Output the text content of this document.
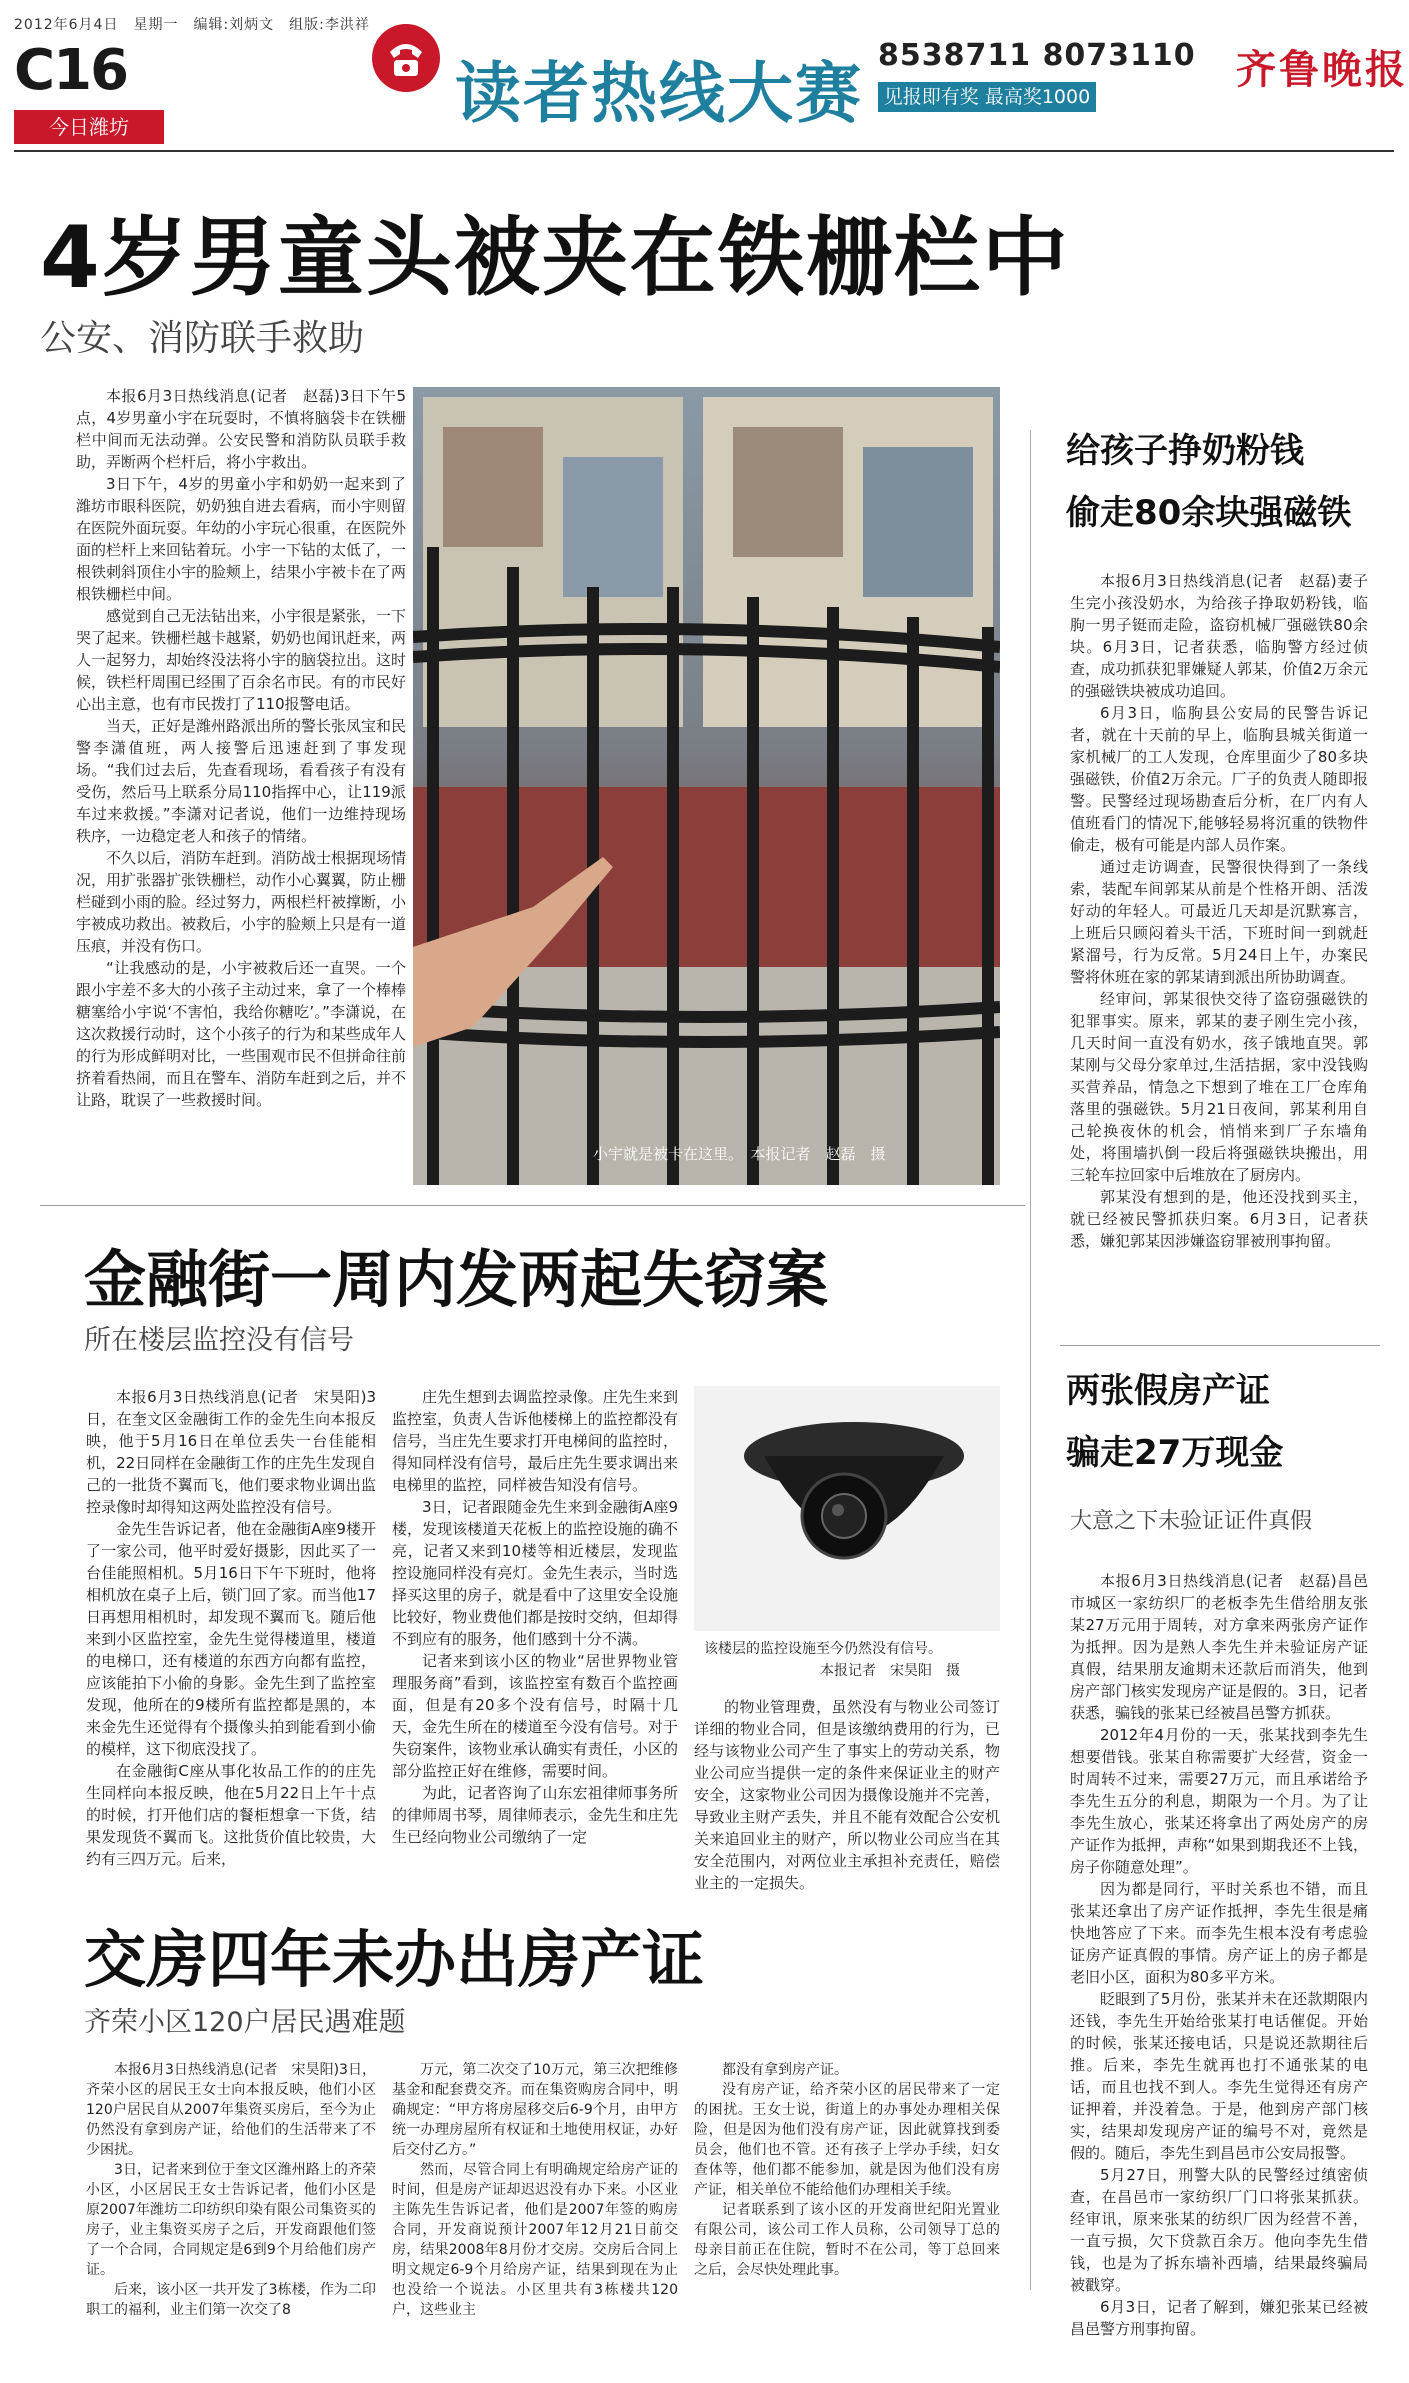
2012年6月4日　星期一　编辑:刘炳文　组版:李洪祥
C16
今日潍坊	读者热线大赛 8538711 8073110
见报即有奖 最高奖1000元
齐鲁晚报
4岁男童头被夹在铁栅栏中
公安、消防联手救助

本报6月3日热线消息(记者　赵磊)3日下午5点，4岁男童小宇在玩耍时，不慎将脑袋卡在铁栅栏中间而无法动弹。公安民警和消防队员联手救助，弄断两个栏杆后，将小宇救出。

3日下午，4岁的男童小宇和奶奶一起来到了潍坊市眼科医院，奶奶独自进去看病，而小宇则留在医院外面玩耍。年幼的小宇玩心很重，在医院外面的栏杆上来回钻着玩。小宇一下钻的太低了，一根铁刺斜顶住小宇的脸颊上，结果小宇被卡在了两根铁栅栏中间。

感觉到自己无法钻出来，小宇很是紧张，一下哭了起来。铁栅栏越卡越紧，奶奶也闻讯赶来，两人一起努力，却始终没法将小宇的脑袋拉出。这时候，铁栏杆周围已经围了百余名市民。有的市民好心出主意，也有市民拨打了110报警电话。

当天，正好是潍州路派出所的警长张凤宝和民警李潇值班，两人接警后迅速赶到了事发现场。“我们过去后，先查看现场，看看孩子有没有受伤，然后马上联系分局110指挥中心，让119派车过来救援。”李潇对记者说，他们一边维持现场秩序，一边稳定老人和孩子的情绪。

不久以后，消防车赶到。消防战士根据现场情况，用扩张器扩张铁栅栏，动作小心翼翼，防止栅栏碰到小雨的脸。经过努力，两根栏杆被撑断，小宇被成功救出。被救后，小宇的脸颊上只是有一道压痕，并没有伤口。

“让我感动的是，小宇被救后还一直哭。一个跟小宇差不多大的小孩子主动过来，拿了一个棒棒糖塞给小宇说‘不害怕，我给你糖吃’。”李潇说，在这次救援行动时，这个小孩子的行为和某些成年人的行为形成鲜明对比，一些围观市民不但拼命往前挤着看热闹，而且在警车、消防车赶到之后，并不让路，耽误了一些救援时间。

小宇就是被卡在这里。　本报记者　赵磊　摄
给孩子挣奶粉钱
偷走80余块强磁铁

本报6月3日热线消息(记者　赵磊)妻子生完小孩没奶水，为给孩子挣取奶粉钱，临朐一男子铤而走险，盗窃机械厂强磁铁80余块。6月3日，记者获悉，临朐警方经过侦查，成功抓获犯罪嫌疑人郭某，价值2万余元的强磁铁块被成功追回。

6月3日，临朐县公安局的民警告诉记者，就在十天前的早上，临朐县城关街道一家机械厂的工人发现，仓库里面少了80多块强磁铁，价值2万余元。厂子的负责人随即报警。民警经过现场勘查后分析，在厂内有人值班看门的情况下,能够轻易将沉重的铁物件偷走，极有可能是内部人员作案。

通过走访调查，民警很快得到了一条线索，装配车间郭某从前是个性格开朗、活泼好动的年轻人。可最近几天却是沉默寡言，上班后只顾闷着头干活，下班时间一到就赶紧溜号，行为反常。5月24日上午，办案民警将休班在家的郭某请到派出所协助调查。

经审问，郭某很快交待了盗窃强磁铁的犯罪事实。原来，郭某的妻子刚生完小孩，几天时间一直没有奶水，孩子饿地直哭。郭某刚与父母分家单过,生活拮据，家中没钱购买营养品，情急之下想到了堆在工厂仓库角落里的强磁铁。5月21日夜间，郭某利用自己轮换夜休的机会，悄悄来到厂子东墙角处，将围墙扒倒一段后将强磁铁块搬出，用三轮车拉回家中后堆放在了厨房内。

郭某没有想到的是，他还没找到买主，就已经被民警抓获归案。6月3日，记者获悉，嫌犯郭某因涉嫌盗窃罪被刑事拘留。

金融街一周内发两起失窃案
所在楼层监控没有信号

本报6月3日热线消息(记者　宋昊阳)3日，在奎文区金融街工作的金先生向本报反映，他于5月16日在单位丢失一台佳能相机，22日同样在金融街工作的庄先生发现自己的一批货不翼而飞，他们要求物业调出监控录像时却得知这两处监控没有信号。

金先生告诉记者，他在金融街A座9楼开了一家公司，他平时爱好摄影，因此买了一台佳能照相机。5月16日下午下班时，他将相机放在桌子上后，锁门回了家。而当他17日再想用相机时，却发现不翼而飞。随后他来到小区监控室，金先生觉得楼道里，楼道的电梯口，还有楼道的东西方向都有监控，应该能拍下小偷的身影。金先生到了监控室发现，他所在的9楼所有监控都是黑的，本来金先生还觉得有个摄像头拍到能看到小偷的模样，这下彻底没找了。

在金融街C座从事化妆品工作的的庄先生同样向本报反映，他在5月22日上午十点的时候，打开他们店的餐柜想拿一下货，结果发现货不翼而飞。这批货价值比较贵，大约有三四万元。后来，

庄先生想到去调监控录像。庄先生来到监控室，负责人告诉他楼梯上的监控都没有信号，当庄先生要求打开电梯间的监控时，得知同样没有信号，最后庄先生要求调出来电梯里的监控，同样被告知没有信号。

3日，记者跟随金先生来到金融街A座9楼，发现该楼道天花板上的监控设施的确不亮，记者又来到10楼等相近楼层，发现监控设施同样没有亮灯。金先生表示，当时选择买这里的房子，就是看中了这里安全设施比较好，物业费他们都是按时交纳，但却得不到应有的服务，他们感到十分不满。

记者来到该小区的物业“居世界物业管理服务商”看到，该监控室有数百个监控画面，但是有20多个没有信号，时隔十几天，金先生所在的楼道至今没有信号。对于失窃案件，该物业承认确实有责任，小区的部分监控正好在维修，需要时间。

为此，记者咨询了山东宏祖律师事务所的律师周书琴，周律师表示，金先生和庄先生已经向物业公司缴纳了一定

该楼层的监控设施至今仍然没有信号。
本报记者　宋昊阳　摄

的物业管理费，虽然没有与物业公司签订详细的物业合同，但是该缴纳费用的行为，已经与该物业公司产生了事实上的劳动关系，物业公司应当提供一定的条件来保证业主的财产安全，这家物业公司因为摄像设施并不完善，导致业主财产丢失，并且不能有效配合公安机关来追回业主的财产，所以物业公司应当在其安全范围内，对两位业主承担补充责任，赔偿业主的一定损失。

两张假房产证
骗走27万现金
大意之下未验证证件真假

本报6月3日热线消息(记者　赵磊)昌邑市城区一家纺织厂的老板李先生借给朋友张某27万元用于周转，对方拿来两张房产证作为抵押。因为是熟人李先生并未验证房产证真假，结果朋友逾期未还款后而消失，他到房产部门核实发现房产证是假的。3日，记者获悉，骗钱的张某已经被昌邑警方抓获。

2012年4月份的一天，张某找到李先生想要借钱。张某自称需要扩大经营，资金一时周转不过来，需要27万元，而且承诺给予李先生五分的利息，期限为一个月。为了让李先生放心，张某还将拿出了两处房产的房产证作为抵押，声称“如果到期我还不上钱，房子你随意处理”。

因为都是同行，平时关系也不错，而且张某还拿出了房产证作抵押，李先生很是痛快地答应了下来。而李先生根本没有考虑验证房产证真假的事情。房产证上的房子都是老旧小区，面积为80多平方米。

眨眼到了5月份，张某并未在还款期限内还钱，李先生开始给张某打电话催促。开始的时候，张某还接电话，只是说还款期往后推。后来，李先生就再也打不通张某的电话，而且也找不到人。李先生觉得还有房产证押着，并没着急。于是，他到房产部门核实，结果却发现房产证的编号不对，竟然是假的。随后，李先生到昌邑市公安局报警。

5月27日，刑警大队的民警经过缜密侦查，在昌邑市一家纺织厂门口将张某抓获。经审讯，原来张某的纺织厂因为经营不善，一直亏损，欠下贷款百余万。他向李先生借钱，也是为了拆东墙补西墙，结果最终骗局被戳穿。

6月3日，记者了解到，嫌犯张某已经被昌邑警方刑事拘留。

交房四年未办出房产证
齐荣小区120户居民遇难题

本报6月3日热线消息(记者　宋昊阳)3日，齐荣小区的居民王女士向本报反映，他们小区120户居民自从2007年集资买房后，至今为止仍然没有拿到房产证，给他们的生活带来了不少困扰。

3日，记者来到位于奎文区潍州路上的齐荣小区，小区居民王女士告诉记者，他们小区是原2007年潍坊二印纺织印染有限公司集资买的房子，业主集资买房子之后，开发商跟他们签了一个合同，合同规定是6到9个月给他们房产证。

后来，该小区一共开发了3栋楼，作为二印职工的福利，业主们第一次交了8

万元，第二次交了10万元，第三次把维修基金和配套费交齐。而在集资购房合同中，明确规定：“甲方将房屋移交后6-9个月，由甲方统一办理房屋所有权证和土地使用权证，办好后交付乙方。”

然而，尽管合同上有明确规定给房产证的时间，但是房产证却迟迟没有办下来。小区业主陈先生告诉记者，他们是2007年签的购房合同，开发商说预计2007年12月21日前交房，结果2008年8月份才交房。交房后合同上明文规定6-9个月给房产证，结果到现在为止也没给一个说法。小区里共有3栋楼共120户，这些业主

都没有拿到房产证。

没有房产证，给齐荣小区的居民带来了一定的困扰。王女士说，街道上的办事处办理相关保险，但是因为他们没有房产证，因此就算找到委员会，他们也不管。还有孩子上学办手续，妇女查体等，他们都不能参加，就是因为他们没有房产证，相关单位不能给他们办理相关手续。

记者联系到了该小区的开发商世纪阳光置业有限公司，该公司工作人员称，公司领导丁总的母亲目前正在住院，暂时不在公司，等丁总回来之后，会尽快处理此事。
